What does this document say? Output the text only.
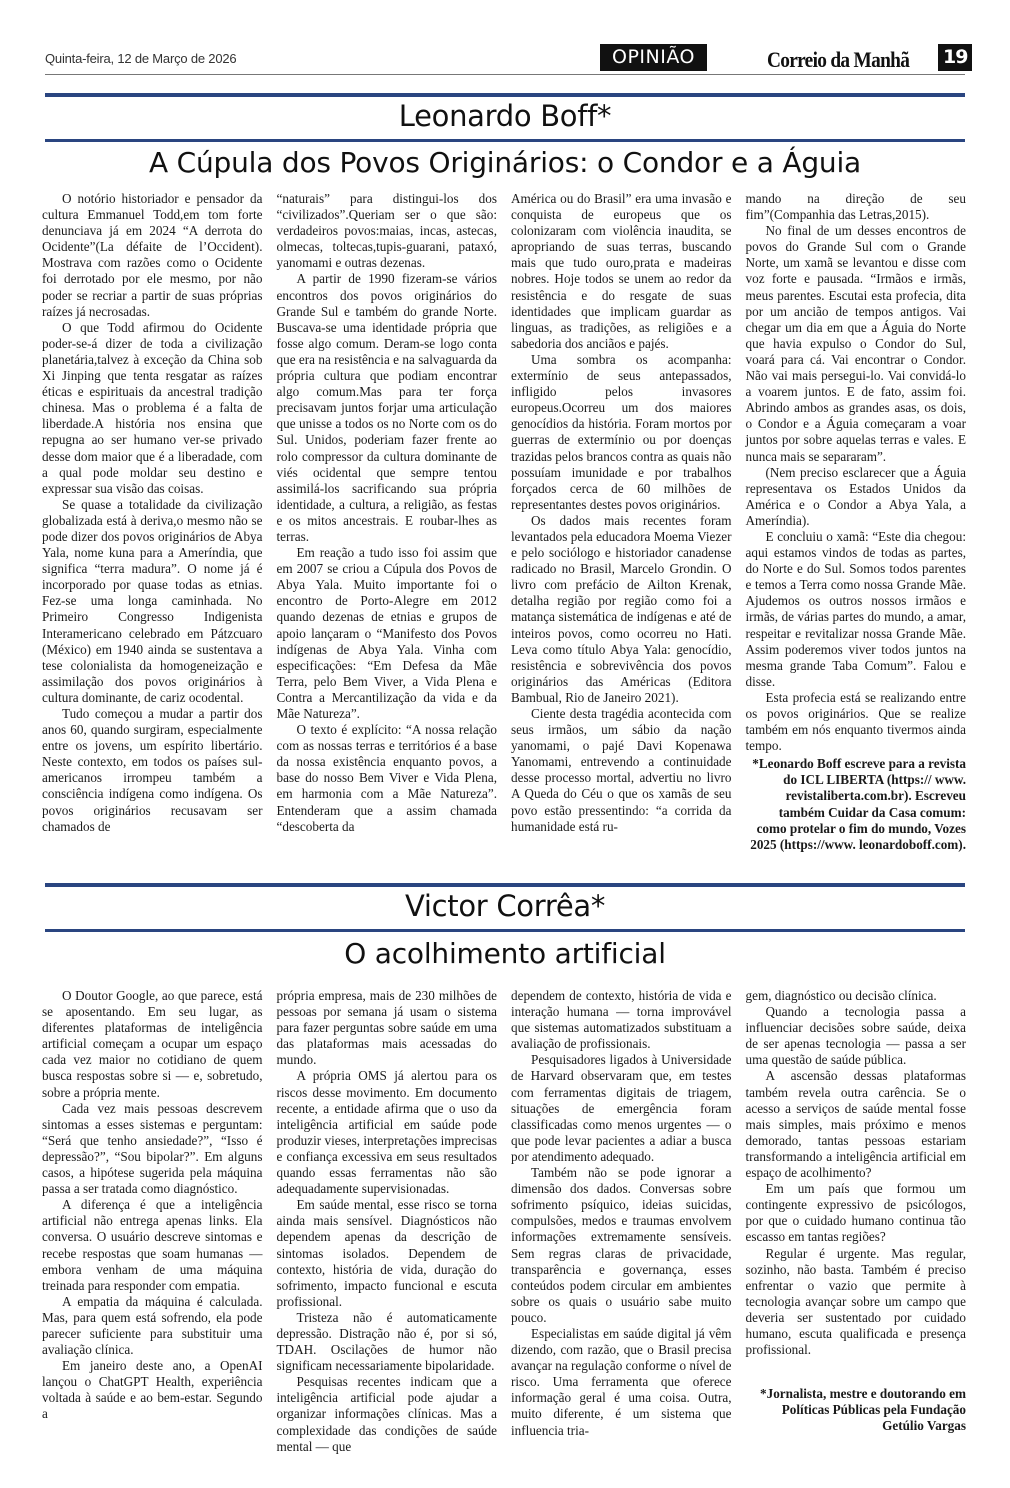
Quinta-feira, 12 de Março de 2026	OPINIÃO	Correio da Manhã 19
Leonardo Boff*
A Cúpula dos Povos Originários: o Condor e a Águia

O notório historiador e pensador da cultura Emmanuel Todd,em tom forte denunciava já em 2024 “A derrota do Ocidente”(La défaite de l’Occident). Mostrava com razões como o Ocidente foi derrotado por ele mesmo, por não poder se recriar a partir de suas próprias raízes já necrosadas.

O que Todd afirmou do Ocidente poder-se-á dizer de toda a civilização planetária,talvez à exceção da China sob Xi Jinping que tenta resgatar as raízes éticas e espirituais da ancestral tradição chinesa. Mas o problema é a falta de liberdade.A história nos ensina que repugna ao ser humano ver-se privado desse dom maior que é a liberadade, com a qual pode moldar seu destino e expressar sua visão das coisas.

Se quase a totalidade da civilização globalizada está à deriva,o mesmo não se pode dizer dos povos originários de Abya Yala, nome kuna para a Ameríndia, que significa “terra madura”. O nome já é incorporado por quase todas as etnias. Fez-se uma longa caminhada. No Primeiro Congresso Indigenista Interamericano celebrado em Pátzcuaro (México) em 1940 ainda se sustentava a tese colonialista da homogeneização e assimilação dos povos originários à cultura dominante, de cariz ocodental.

Tudo começou a mudar a partir dos anos 60, quando surgiram, especialmente entre os jovens, um espírito libertário. Neste contexto, em todos os países sul-americanos irrompeu também a consciência indígena como indígena. Os povos originários recusavam ser chamados de

“naturais” para distingui-los dos “civilizados”.Queriam ser o que são: verdadeiros povos:maias, incas, astecas, olmecas, toltecas,tupis-guarani, pataxó, yanomami e outras dezenas.

A partir de 1990 fizeram-se vários encontros dos povos originários do Grande Sul e também do grande Norte. Buscava-se uma identidade própria que fosse algo comum. Deram-se logo conta que era na resistência e na salvaguarda da própria cultura que podiam encontrar algo comum.Mas para ter força precisavam juntos forjar uma articulação que unisse a todos os no Norte com os do Sul. Unidos, poderiam fazer frente ao rolo compressor da cultura dominante de viés ocidental que sempre tentou assimilá-los sacrificando sua própria identidade, a cultura, a religião, as festas e os mitos ancestrais. E roubar-lhes as terras.

Em reação a tudo isso foi assim que em 2007 se criou a Cúpula dos Povos de Abya Yala. Muito importante foi o encontro de Porto-Alegre em 2012 quando dezenas de etnias e grupos de apoio lançaram o “Manifesto dos Povos indígenas de Abya Yala. Vinha com especificações: “Em Defesa da Mãe Terra, pelo Bem Viver, a Vida Plena e Contra a Mercantilização da vida e da Mãe Natureza”.

O texto é explícito: “A nossa relação com as nossas terras e territórios é a base da nossa existência enquanto povos, a base do nosso Bem Viver e Vida Plena, em harmonia com a Mãe Natureza”. Entenderam que a assim chamada “descoberta da

América ou do Brasil” era uma invasão e conquista de europeus que os colonizaram com violência inaudita, se apropriando de suas terras, buscando mais que tudo ouro,prata e madeiras nobres. Hoje todos se unem ao redor da resistência e do resgate de suas identidades que implicam guardar as linguas, as tradições, as religiões e a sabedoria dos anciãos e pajés.

Uma sombra os acompanha: extermínio de seus antepassados, infligido pelos invasores europeus.Ocorreu um dos maiores genocídios da história. Foram mortos por guerras de extermínio ou por doenças trazidas pelos brancos contra as quais não possuíam imunidade e por trabalhos forçados cerca de 60 milhões de representantes destes povos originários.

Os dados mais recentes foram levantados pela educadora Moema Viezer e pelo sociólogo e historiador canadense radicado no Brasil, Marcelo Grondin. O livro com prefácio de Ailton Krenak, detalha região por região como foi a matança sistemática de indígenas e até de inteiros povos, como ocorreu no Hati. Leva como título Abya Yala: genocídio, resistência e sobrevivência dos povos originários das Américas (Editora Bambual, Rio de Janeiro 2021).

Ciente desta tragédia acontecida com seus irmãos, um sábio da nação yanomami, o pajé Davi Kopenawa Yanomami, entrevendo a continuidade desse processo mortal, advertiu no livro A Queda do Céu o que os xamãs de seu povo estão pressentindo: “a corrida da humanidade está ru-

mando na direção de seu fim”(Companhia das Letras,2015).

No final de um desses encontros de povos do Grande Sul com o Grande Norte, um xamã se levantou e disse com voz forte e pausada. “Irmãos e irmãs, meus parentes. Escutai esta profecia, dita por um ancião de tempos antigos. Vai chegar um dia em que a Águia do Norte que havia expulso o Condor do Sul, voará para cá. Vai encontrar o Condor. Não vai mais persegui-lo. Vai convidá-lo a voarem juntos. E de fato, assim foi. Abrindo ambos as grandes asas, os dois, o Condor e a Águia começaram a voar juntos por sobre aquelas terras e vales. E nunca mais se separaram”.

(Nem preciso esclarecer que a Águia representava os Estados Unidos da América e o Condor a Abya Yala, a Ameríndia).

E concluiu o xamã: “Este dia chegou: aqui estamos vindos de todas as partes, do Norte e do Sul. Somos todos parentes e temos a Terra como nossa Grande Mãe. Ajudemos os outros nossos irmãos e irmãs, de várias partes do mundo, a amar, respeitar e revitalizar nossa Grande Mãe. Assim poderemos viver todos juntos na mesma grande Taba Comum”. Falou e disse.

Esta profecia está se realizando entre os povos originários. Que se realize também em nós enquanto tivermos ainda tempo.

*Leonardo Boff escreve para a revista do ICL LIBERTA (https:// www. revistaliberta.com.br). Escreveu também Cuidar da Casa comum: como protelar o fim do mundo, Vozes 2025 (https://www. leonardoboff.com).

Victor Corrêa*
O acolhimento artificial

O Doutor Google, ao que parece, está se aposentando. Em seu lugar, as diferentes plataformas de inteligência artificial começam a ocupar um espaço cada vez maior no cotidiano de quem busca respostas sobre si — e, sobretudo, sobre a própria mente.

Cada vez mais pessoas descrevem sintomas a esses sistemas e perguntam: “Será que tenho ansiedade?”, “Isso é depressão?”, “Sou bipolar?”. Em alguns casos, a hipótese sugerida pela máquina passa a ser tratada como diagnóstico.

A diferença é que a inteligência artificial não entrega apenas links. Ela conversa. O usuário descreve sintomas e recebe respostas que soam humanas — embora venham de uma máquina treinada para responder com empatia.

A empatia da máquina é calculada. Mas, para quem está sofrendo, ela pode parecer suficiente para substituir uma avaliação clínica.

Em janeiro deste ano, a OpenAI lançou o ChatGPT Health, experiência voltada à saúde e ao bem-estar. Segundo a

própria empresa, mais de 230 milhões de pessoas por semana já usam o sistema para fazer perguntas sobre saúde em uma das plataformas mais acessadas do mundo.

A própria OMS já alertou para os riscos desse movimento. Em documento recente, a entidade afirma que o uso da inteligência artificial em saúde pode produzir vieses, interpretações imprecisas e confiança excessiva em seus resultados quando essas ferramentas não são adequadamente supervisionadas.

Em saúde mental, esse risco se torna ainda mais sensível. Diagnósticos não dependem apenas da descrição de sintomas isolados. Dependem de contexto, história de vida, duração do sofrimento, impacto funcional e escuta profissional.

Tristeza não é automaticamente depressão. Distração não é, por si só, TDAH. Oscilações de humor não significam necessariamente bipolaridade.

Pesquisas recentes indicam que a inteligência artificial pode ajudar a organizar informações clínicas. Mas a complexidade das condições de saúde mental — que

dependem de contexto, história de vida e interação humana — torna improvável que sistemas automatizados substituam a avaliação de profissionais.

Pesquisadores ligados à Universidade de Harvard observaram que, em testes com ferramentas digitais de triagem, situações de emergência foram classificadas como menos urgentes — o que pode levar pacientes a adiar a busca por atendimento adequado.

Também não se pode ignorar a dimensão dos dados. Conversas sobre sofrimento psíquico, ideias suicidas, compulsões, medos e traumas envolvem informações extremamente sensíveis. Sem regras claras de privacidade, transparência e governança, esses conteúdos podem circular em ambientes sobre os quais o usuário sabe muito pouco.

Especialistas em saúde digital já vêm dizendo, com razão, que o Brasil precisa avançar na regulação conforme o nível de risco. Uma ferramenta que oferece informação geral é uma coisa. Outra, muito diferente, é um sistema que influencia tria-

gem, diagnóstico ou decisão clínica.

Quando a tecnologia passa a influenciar decisões sobre saúde, deixa de ser apenas tecnologia — passa a ser uma questão de saúde pública.

A ascensão dessas plataformas também revela outra carência. Se o acesso a serviços de saúde mental fosse mais simples, mais próximo e menos demorado, tantas pessoas estariam transformando a inteligência artificial em espaço de acolhimento?

Em um país que formou um contingente expressivo de psicólogos, por que o cuidado humano continua tão escasso em tantas regiões?

Regular é urgente. Mas regular, sozinho, não basta. Também é preciso enfrentar o vazio que permite à tecnologia avançar sobre um campo que deveria ser sustentado por cuidado humano, escuta qualificada e presença profissional.

*Jornalista, mestre e doutorando em Políticas Públicas pela Fundação Getúlio Vargas
